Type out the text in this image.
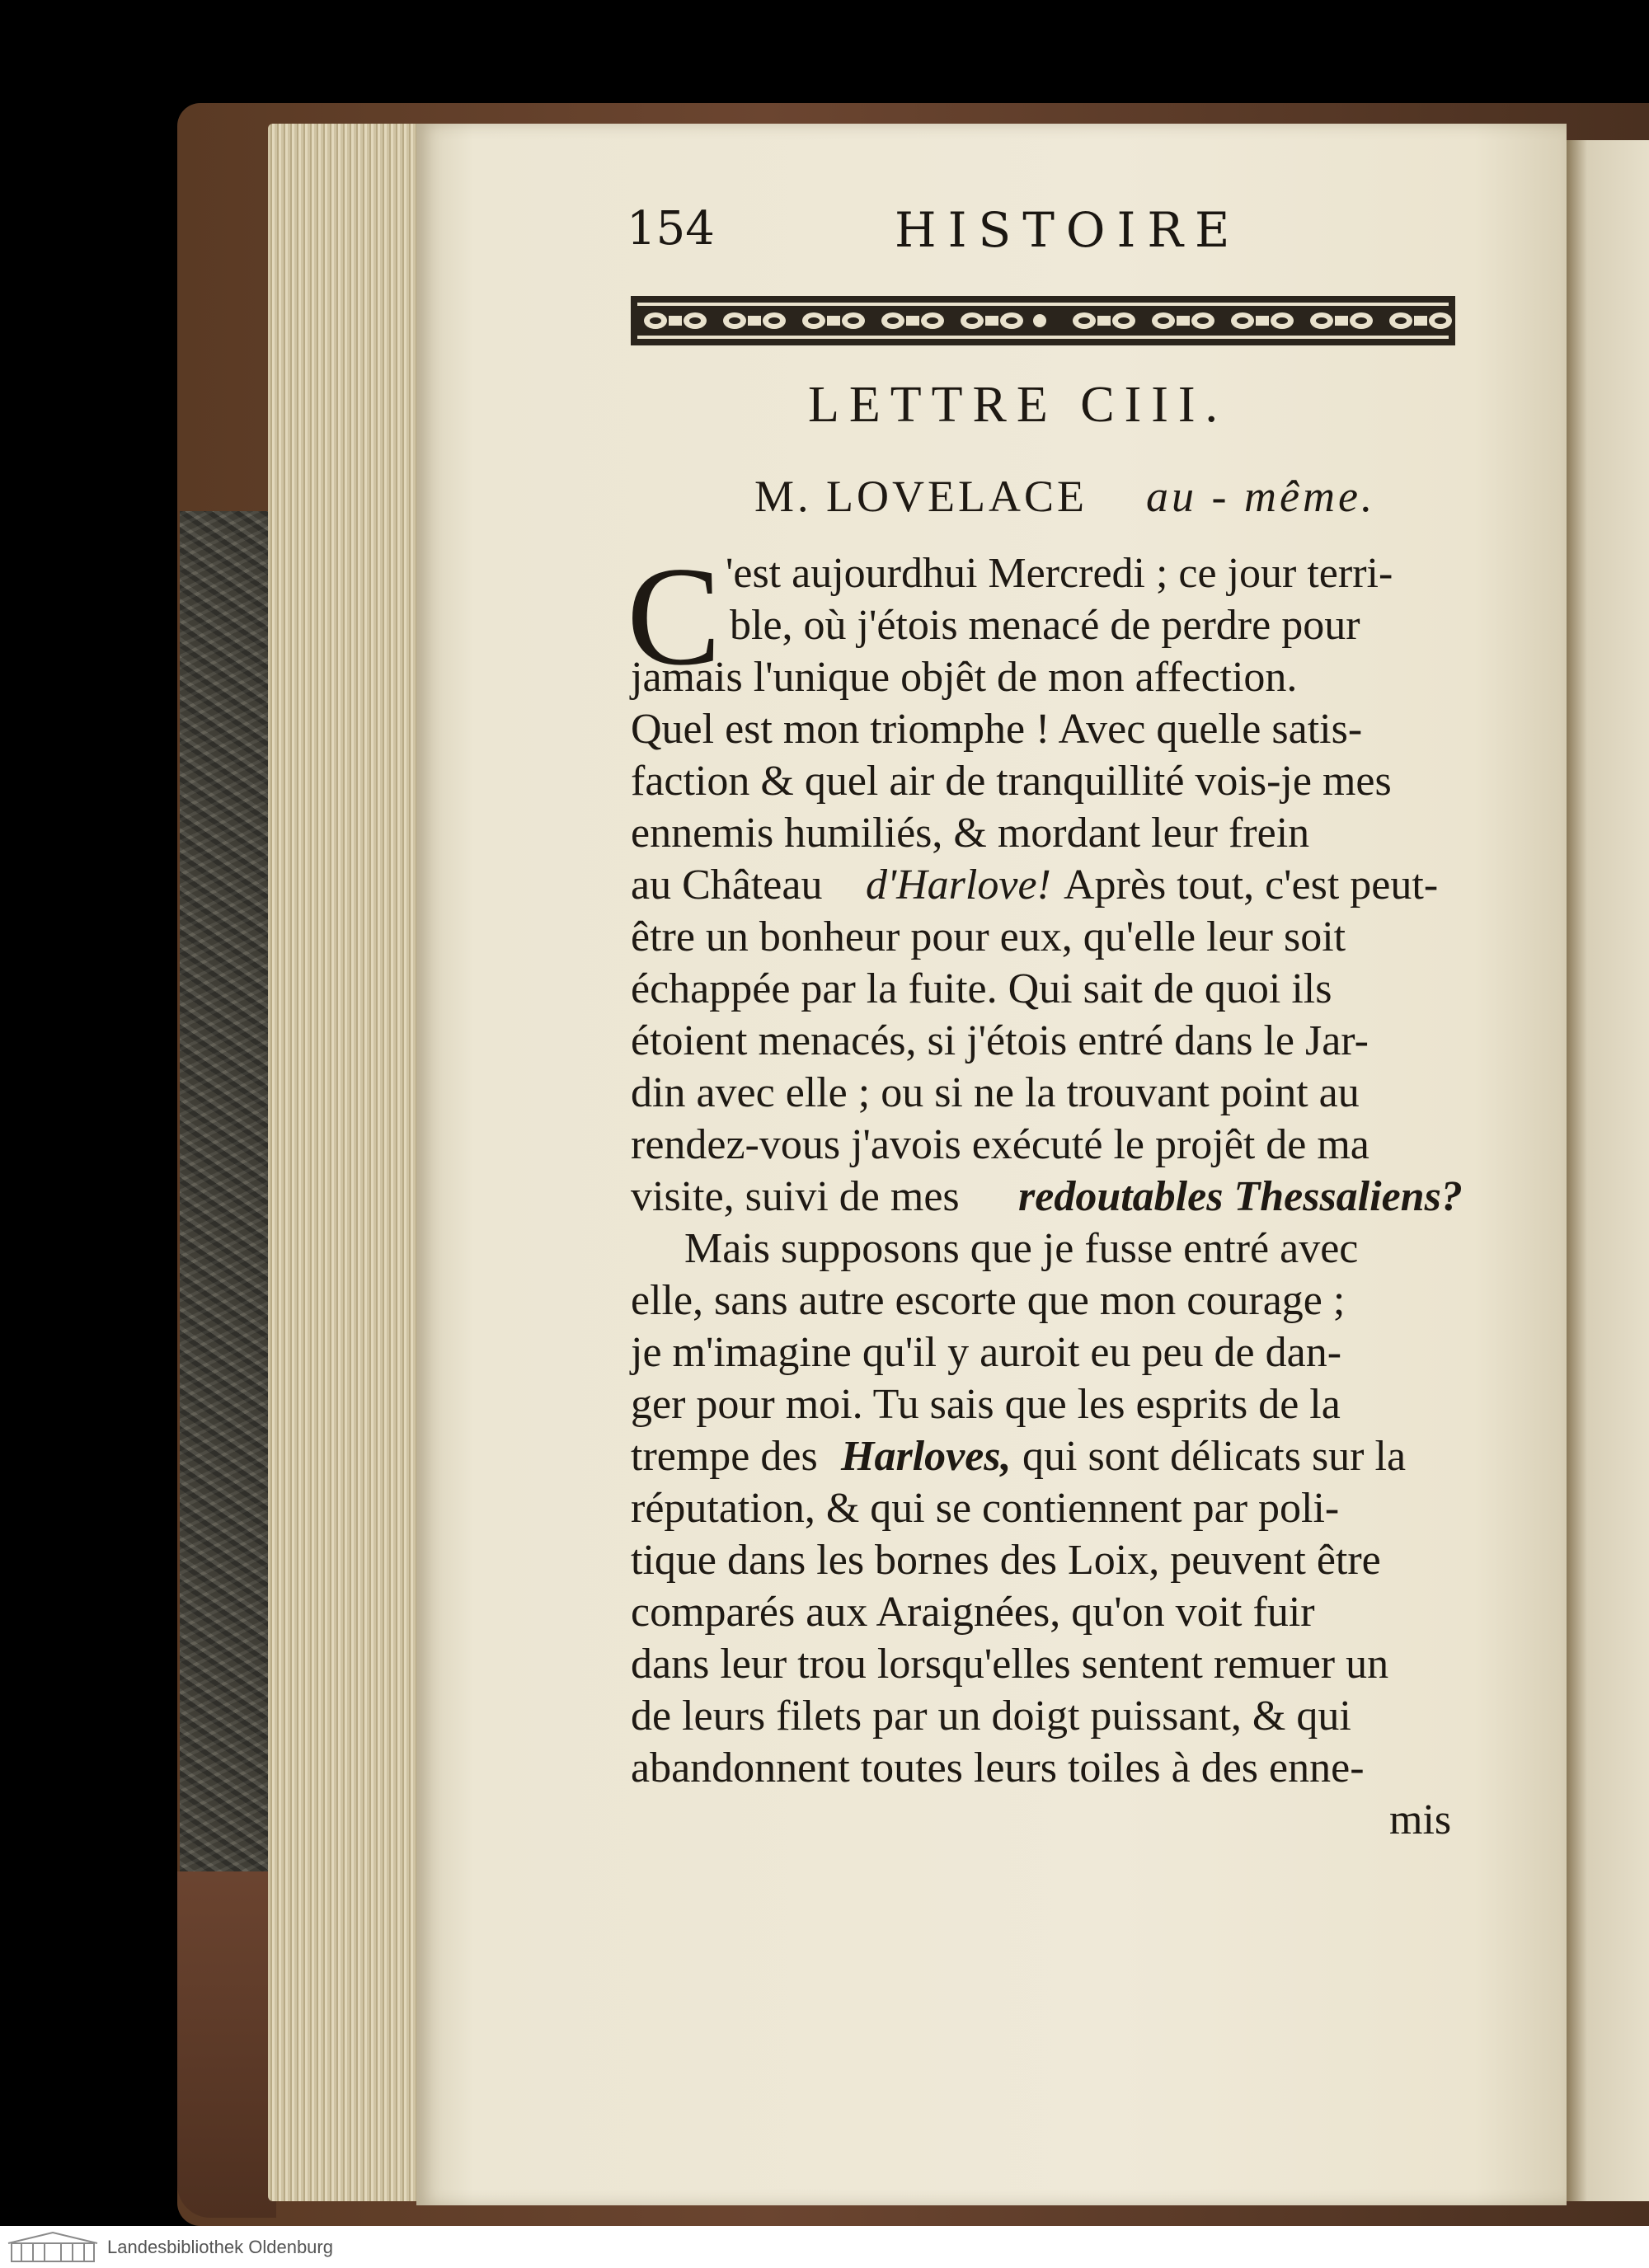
154	HISTOIRE
LETTRE CIII.
M. LOVELACE au - même.
C 'est aujourdhui Mercredi ; ce jour terri-
ble, où j'étois menacé de perdre pour
jamais l'unique objêt de mon affection.
Quel est mon triomphe ! Avec quelle satis-
faction & quel air de tranquillité vois-je mes
ennemis humiliés, & mordant leur frein
au Château d'Harlove! Après tout, c'est peut-
être un bonheur pour eux, qu'elle leur soit
échappée par la fuite. Qui sait de quoi ils
étoient menacés, si j'étois entré dans le Jar-
din avec elle ; ou si ne la trouvant point au
rendez-vous j'avois exécuté le projêt de ma
visite, suivi de mes redoutables Thessaliens?
Mais supposons que je fusse entré avec
elle, sans autre escorte que mon courage ;
je m'imagine qu'il y auroit eu peu de dan-
ger pour moi. Tu sais que les esprits de la
trempe des Harloves, qui sont délicats sur la
réputation, & qui se contiennent par poli-
tique dans les bornes des Loix, peuvent être
comparés aux Araignées, qu'on voit fuir
dans leur trou lorsqu'elles sentent remuer un
de leurs filets par un doigt puissant, & qui
abandonnent toutes leurs toiles à des enne-
mis
Landesbibliothek Oldenburg
